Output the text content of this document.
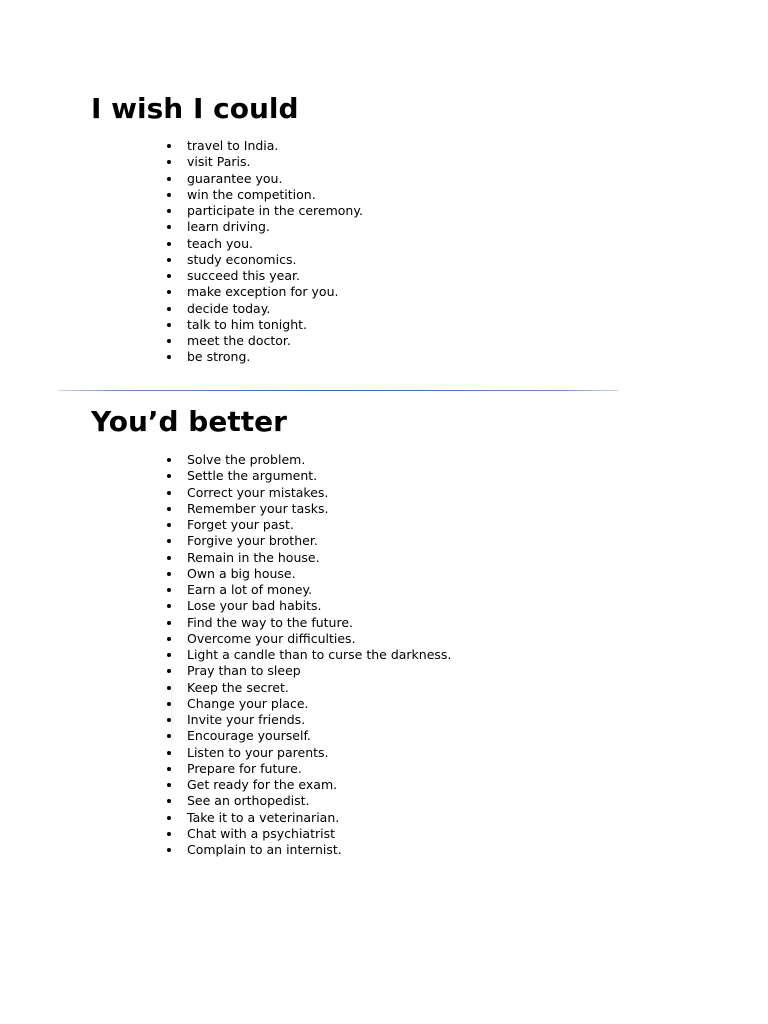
I wish I could
travel to India.
visit Paris.
guarantee you.
win the competition.
participate in the ceremony.
learn driving.
teach you.
study economics.
succeed this year.
make exception for you.
decide today.
talk to him tonight.
meet the doctor.
be strong.
You’d better
Solve the problem.
Settle the argument.
Correct your mistakes.
Remember your tasks.
Forget your past.
Forgive your brother.
Remain in the house.
Own a big house.
Earn a lot of money.
Lose your bad habits.
Find the way to the future.
Overcome your difficulties.
Light a candle than to curse the darkness.
Pray than to sleep
Keep the secret.
Change your place.
Invite your friends.
Encourage yourself.
Listen to your parents.
Prepare for future.
Get ready for the exam.
See an orthopedist.
Take it to a veterinarian.
Chat with a psychiatrist
Complain to an internist.
